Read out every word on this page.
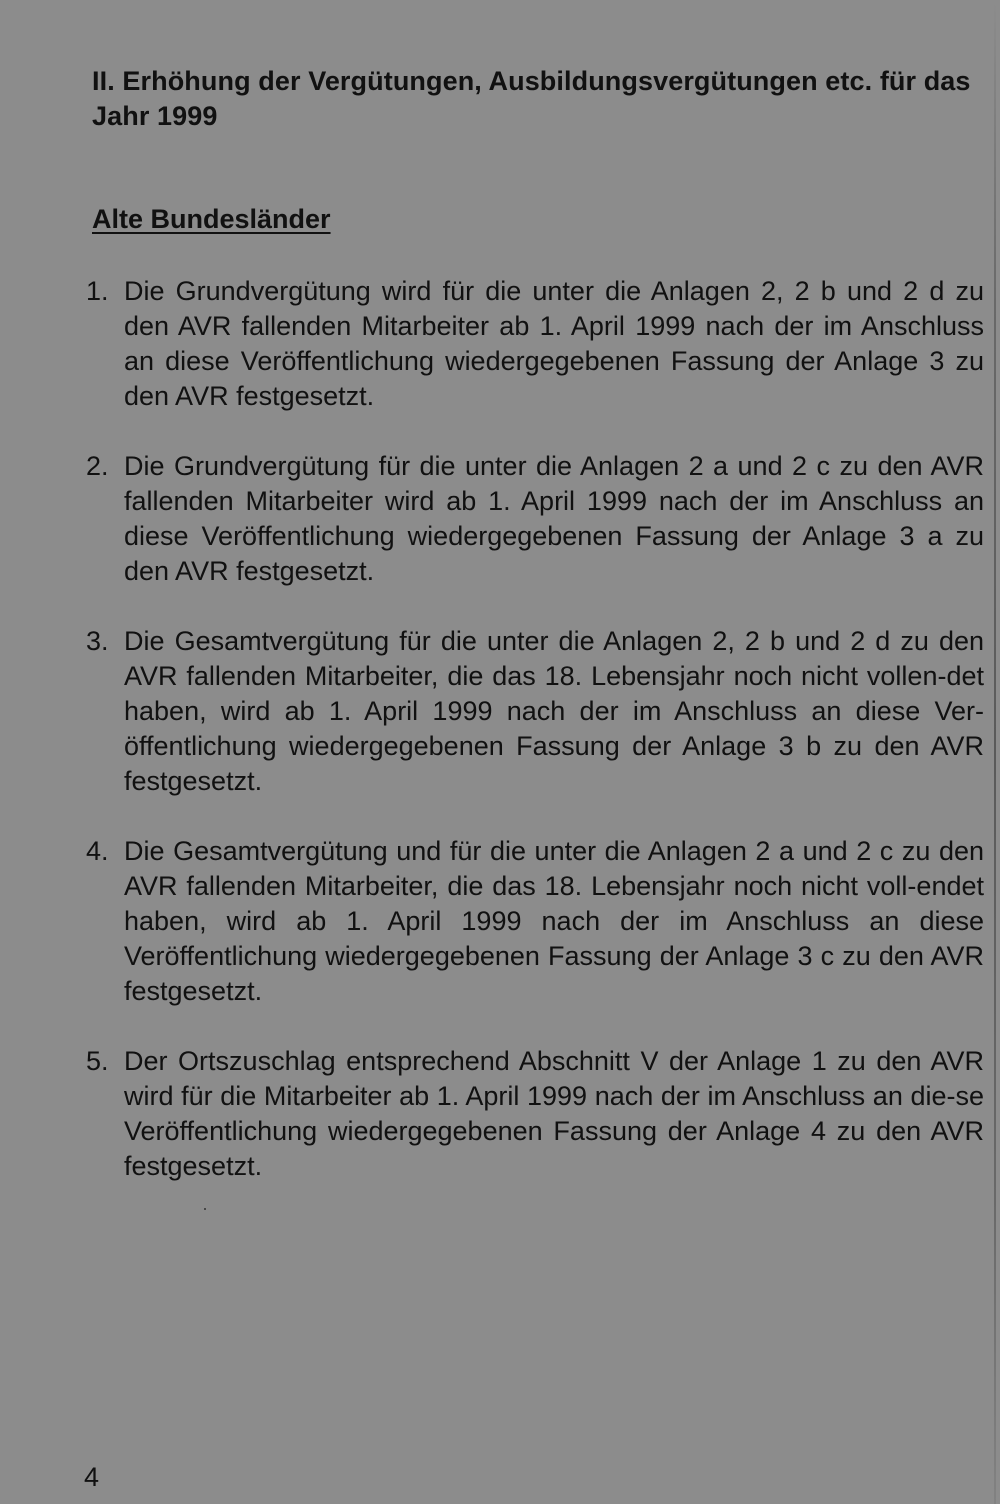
II. Erhöhung der Vergütungen, Ausbildungsvergütungen etc. für das Jahr 1999
Alte Bundesländer
1. Die Grundvergütung wird für die unter die Anlagen 2, 2 b und 2 d zu den AVR fallenden Mitarbeiter ab 1. April 1999 nach der im Anschluss an diese Veröffentlichung wiedergegebenen Fassung der Anlage 3 zu den AVR festgesetzt.
2. Die Grundvergütung für die unter die Anlagen 2 a und 2 c zu den AVR fallenden Mitarbeiter wird ab 1. April 1999 nach der im Anschluss an diese Veröffentlichung wiedergegebenen Fassung der Anlage 3 a zu den AVR festgesetzt.
3. Die Gesamtvergütung für die unter die Anlagen 2, 2 b und 2 d zu den AVR fallenden Mitarbeiter, die das 18. Lebensjahr noch nicht vollen-det haben, wird ab 1. April 1999 nach der im Anschluss an diese Ver-öffentlichung wiedergegebenen Fassung der Anlage 3 b zu den AVR festgesetzt.
4. Die Gesamtvergütung und für die unter die Anlagen 2 a und 2 c zu den AVR fallenden Mitarbeiter, die das 18. Lebensjahr noch nicht voll-endet haben, wird ab 1. April 1999 nach der im Anschluss an diese Veröffentlichung wiedergegebenen Fassung der Anlage 3 c zu den AVR festgesetzt.
5. Der Ortszuschlag entsprechend Abschnitt V der Anlage 1 zu den AVR wird für die Mitarbeiter ab 1. April 1999 nach der im Anschluss an die-se Veröffentlichung wiedergegebenen Fassung der Anlage 4 zu den AVR festgesetzt.
4
